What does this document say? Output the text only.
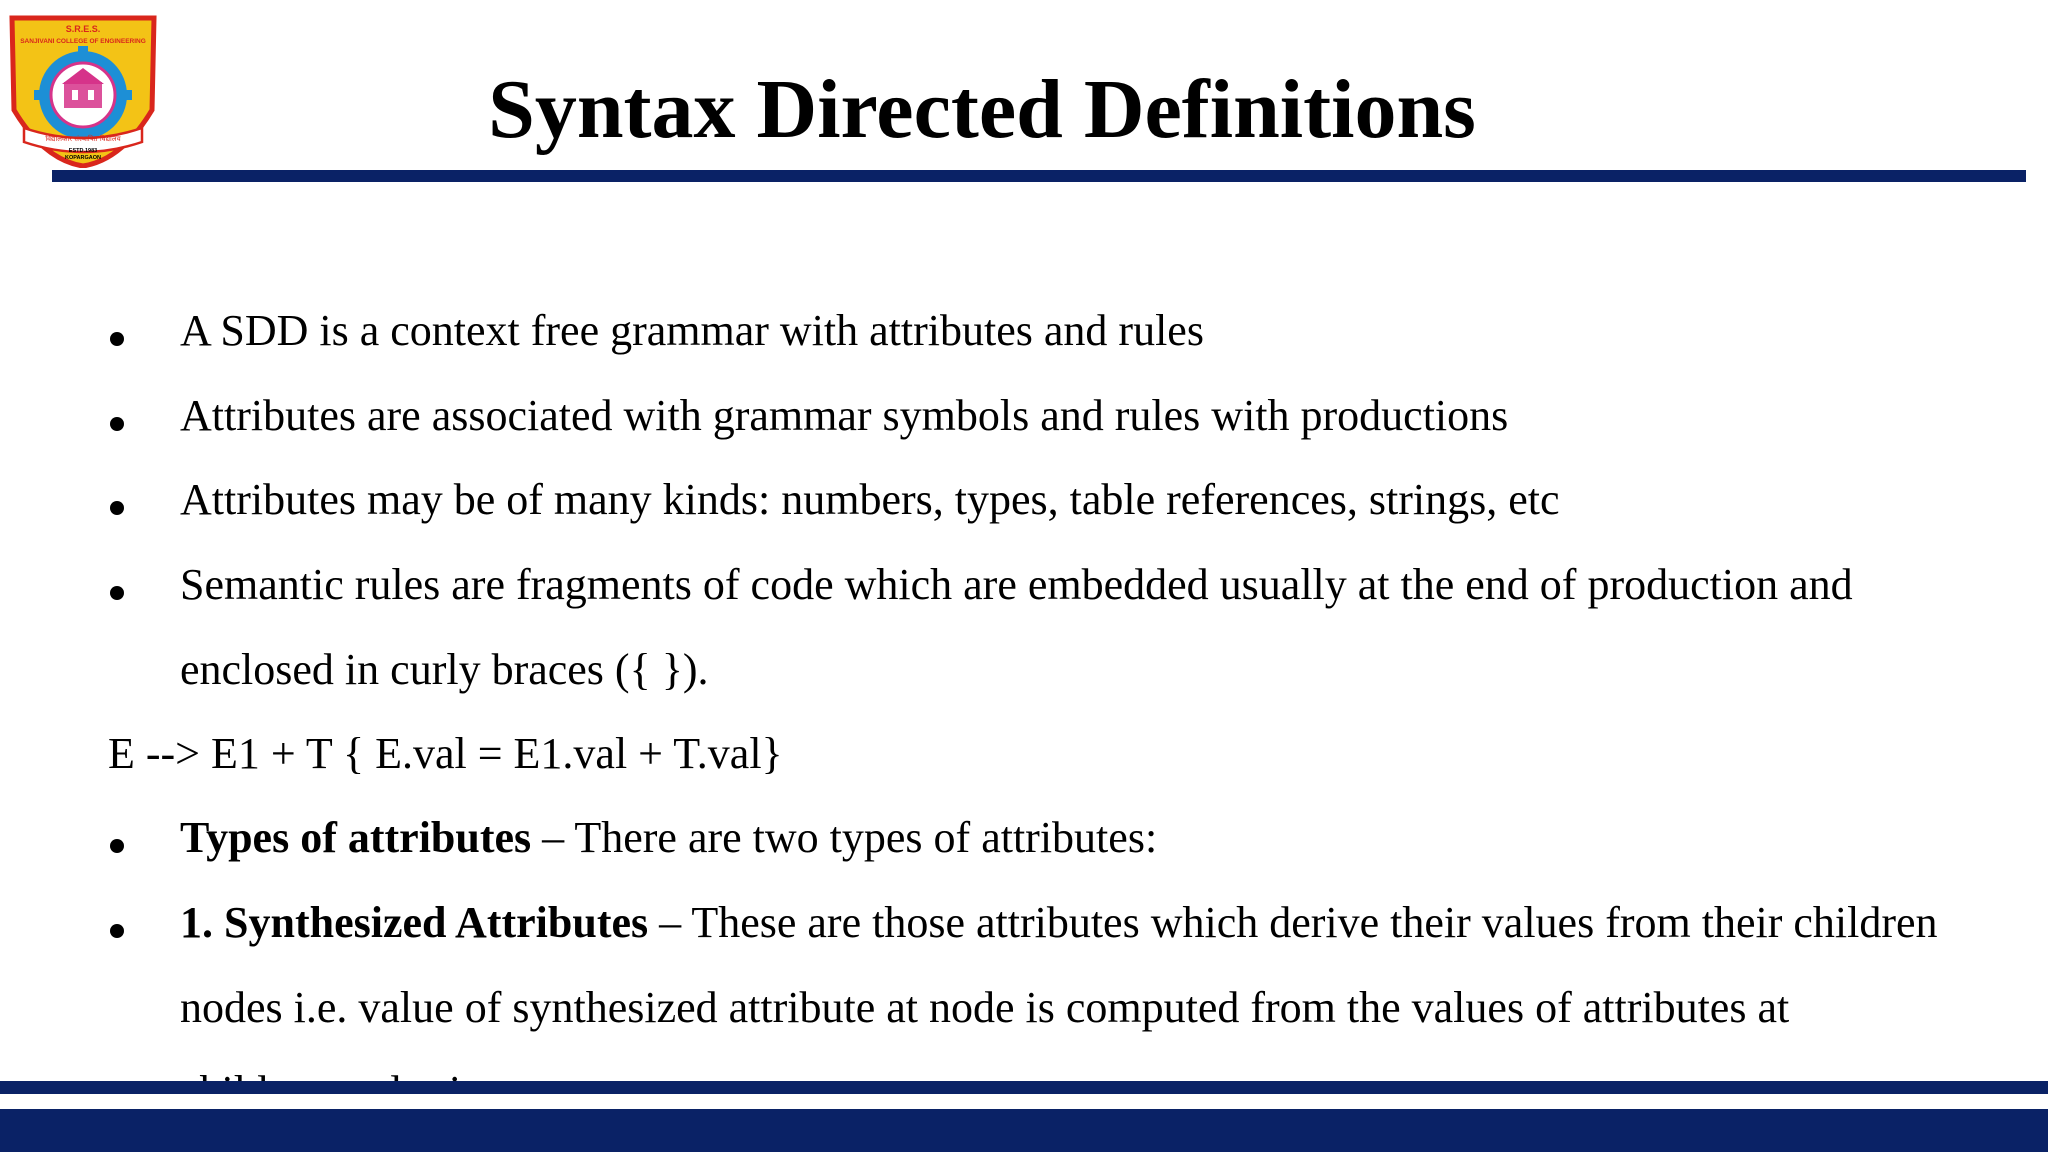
S.R.E.S.
SANJIVANI COLLEGE OF ENGINEERING
विद्यालंकार संस्थापित विद्यालय
ESTD.1983
KOPARGAON
Syntax Directed Definitions
A SDD is a context free grammar with attributes and rules
Attributes are associated with grammar symbols and rules with productions
Attributes may be of many kinds: numbers, types, table references, strings, etc
Semantic rules are fragments of code which are embedded usually at the end of production and
enclosed in curly braces ({ }).
E --> E1 + T { E.val = E1.val + T.val}
Types of attributes – There are two types of attributes:
1. Synthesized Attributes – These are those attributes which derive their values from their children
nodes i.e. value of synthesized attribute at node is computed from the values of attributes at
